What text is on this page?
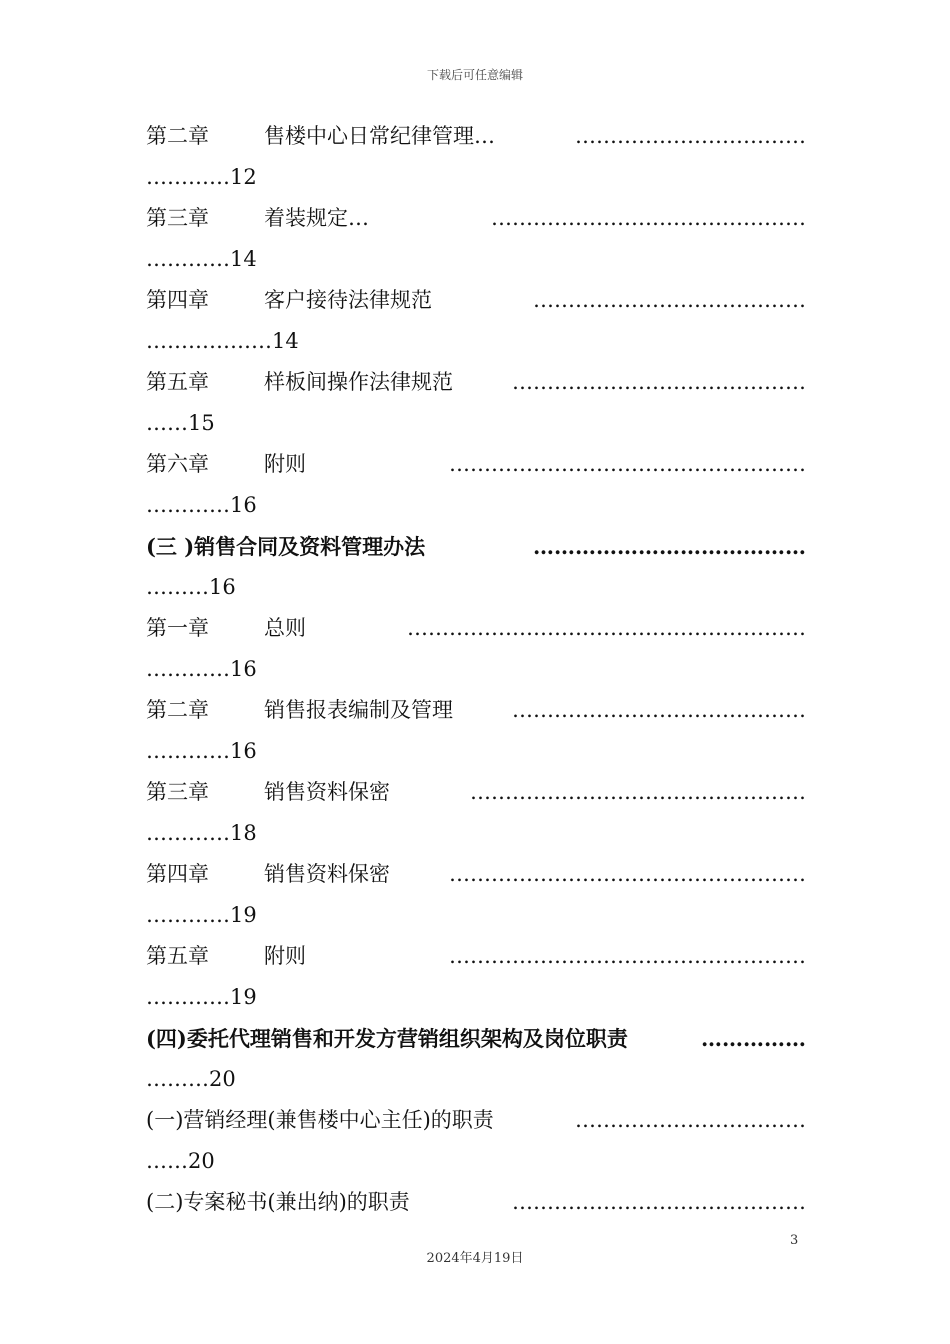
下载后可任意编辑
第二章	售楼中心日常纪律管理…	……………………………
…………12
第三章	着装规定…	………………………………………
…………14
第四章	客户接待法律规范	…………………………………
………………14
第五章	样板间操作法律规范	……………………………………
……15
第六章	附则	……………………………………………
…………16
(三 )销售合同及资料管理办法	…………………………………
………16
第一章	总则	…………………………………………………
…………16
第二章	销售报表编制及管理	……………………………………
…………16
第三章	销售资料保密	…………………………………………
…………18
第四章	销售资料保密	……………………………………………
…………19
第五章	附则	……………………………………………
…………19
(四)委托代理销售和开发方营销组织架构及岗位职责	……………
………20
(一)营销经理(兼售楼中心主任)的职责	……………………………
……20
(二)专案秘书(兼出纳)的职责	……………………………………
3
2024年4月19日
